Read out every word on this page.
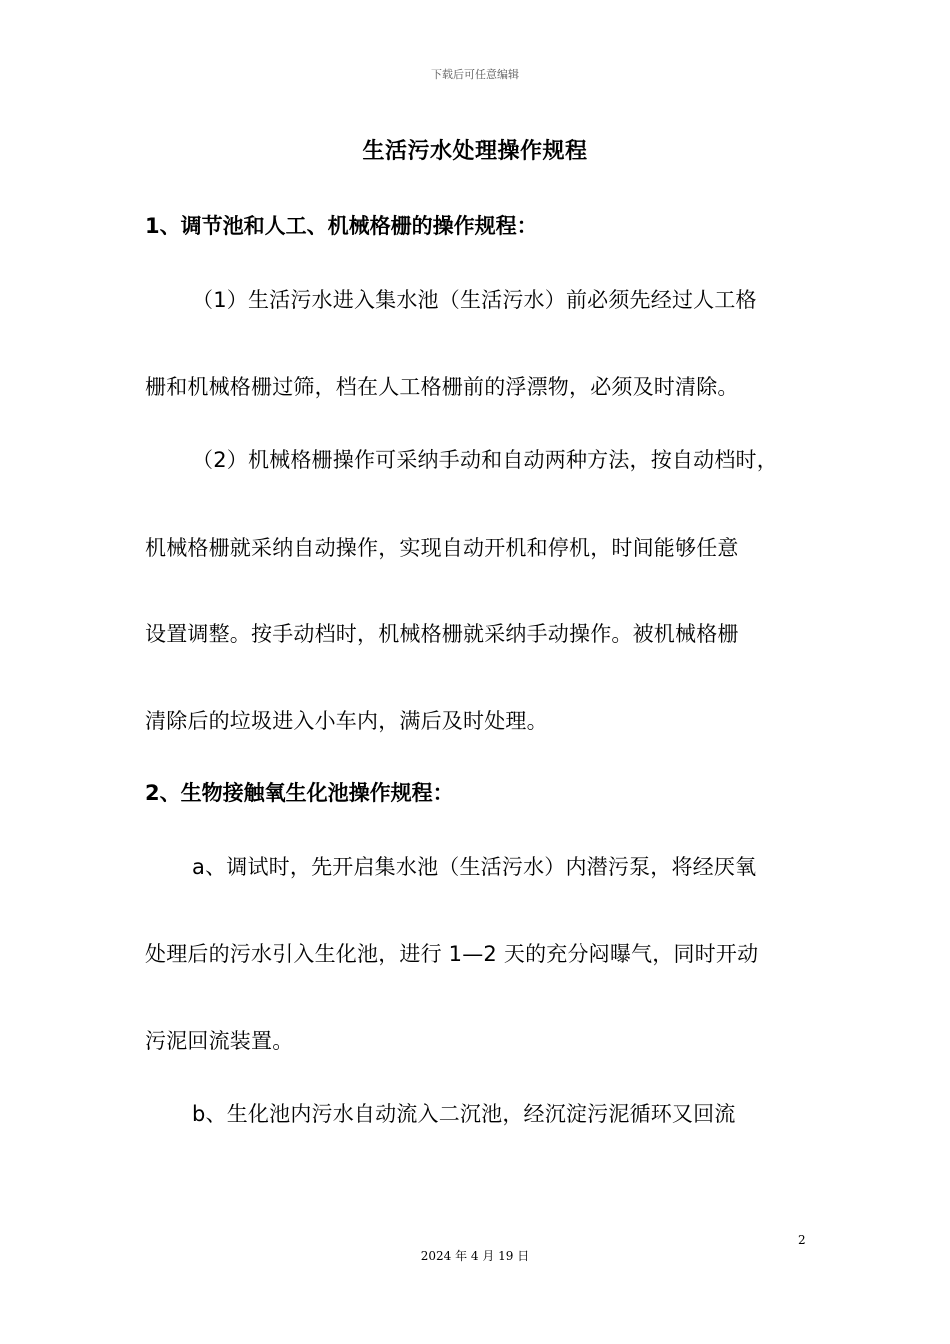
下载后可任意编辑
生活污水处理操作规程
1、调节池和人工、机械格栅的操作规程：
（1）生活污水进入集水池（生活污水）前必须先经过人工格
栅和机械格栅过筛，档在人工格栅前的浮漂物，必须及时清除。
（2）机械格栅操作可采纳手动和自动两种方法，按自动档时，
机械格栅就采纳自动操作，实现自动开机和停机，时间能够任意
设置调整。按手动档时，机械格栅就采纳手动操作。被机械格栅
清除后的垃圾进入小车内，满后及时处理。
2、生物接触氧生化池操作规程：
a、调试时，先开启集水池（生活污水）内潜污泵，将经厌氧
处理后的污水引入生化池，进行 1—2 天的充分闷曝气，同时开动
污泥回流装置。
b、生化池内污水自动流入二沉池，经沉淀污泥循环又回流
2
2024 年 4 月 19 日
